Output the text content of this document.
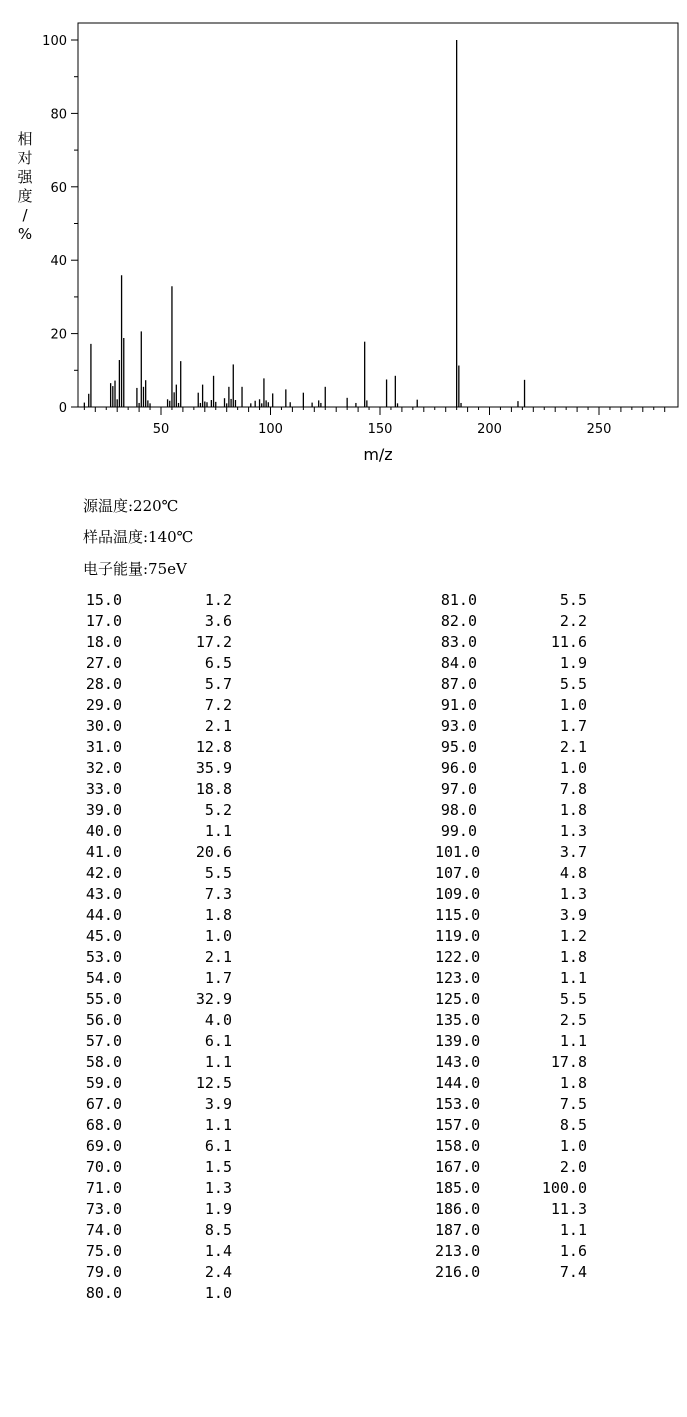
0
20
40
60
80
100
50	100	150	200	250
m/z
相
对
强
度
/
%
源温度:220℃
样品温度:140℃
电子能量:75eV
15.0	1.2
17.0	3.6
18.0	17.2
27.0	6.5
28.0	5.7
29.0	7.2
30.0	2.1
31.0	12.8
32.0	35.9
33.0	18.8
39.0	5.2
40.0	1.1
41.0	20.6
42.0	5.5
43.0	7.3
44.0	1.8
45.0	1.0
53.0	2.1
54.0	1.7
55.0	32.9
56.0	4.0
57.0	6.1
58.0	1.1
59.0	12.5
67.0	3.9
68.0	1.1
69.0	6.1
70.0	1.5
71.0	1.3
73.0	1.9
74.0	8.5
75.0	1.4
79.0	2.4
80.0	1.0
81.0	5.5
82.0	2.2
83.0	11.6
84.0	1.9
87.0	5.5
91.0	1.0
93.0	1.7
95.0	2.1
96.0	1.0
97.0	7.8
98.0	1.8
99.0	1.3
101.0	3.7
107.0	4.8
109.0	1.3
115.0	3.9
119.0	1.2
122.0	1.8
123.0	1.1
125.0	5.5
135.0	2.5
139.0	1.1
143.0	17.8
144.0	1.8
153.0	7.5
157.0	8.5
158.0	1.0
167.0	2.0
185.0	100.0
186.0	11.3
187.0	1.1
213.0	1.6
216.0	7.4
